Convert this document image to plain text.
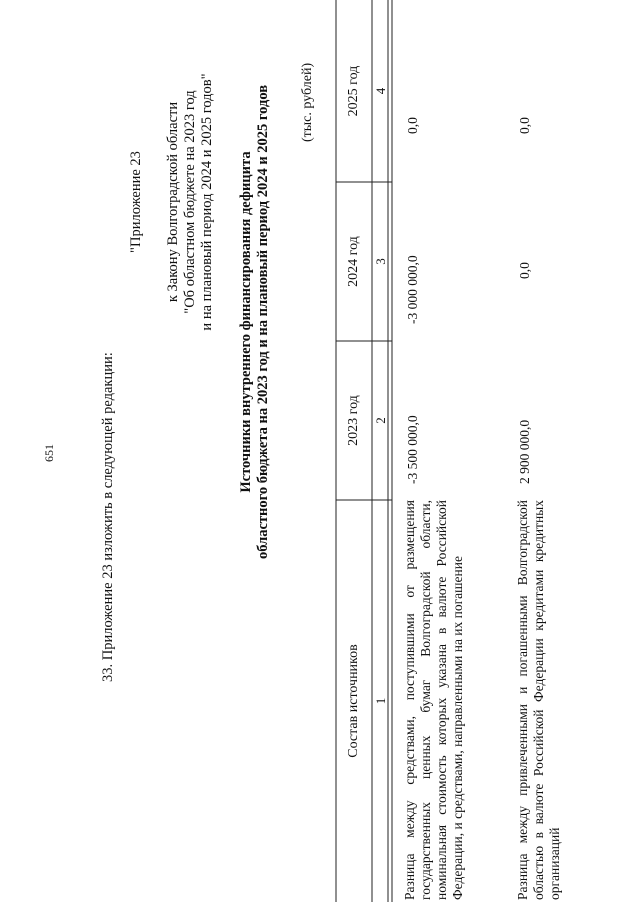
651	33. Приложение 23 изложить в следующей редакции:
"Приложение 23 к Закону Волгоградской области "Об областном бюджете на 2023 год и на плановый период 2024 и 2025 годов" Источники внутреннего финансирования дефицита областного бюджета на 2023 год и на плановый период 2024 и 2025 годов (тыс. рублей)
Состав источников
2023 год
2024 год
2025 год
1
2
3
4
Разница между средствами, поступившими от размещения государственных ценных бумаг Волгоградской области, номинальная стоимость которых указана в валюте Российской Федерации, и средствами, направленными на их погашение
-3 500 000,0
-3 000 000,0
0,0
Разница между привлеченными и погашенными Волгоградской областью в валюте Российской Федерации кредитами кредитных организаций
2 900 000,0
0,0
0,0
